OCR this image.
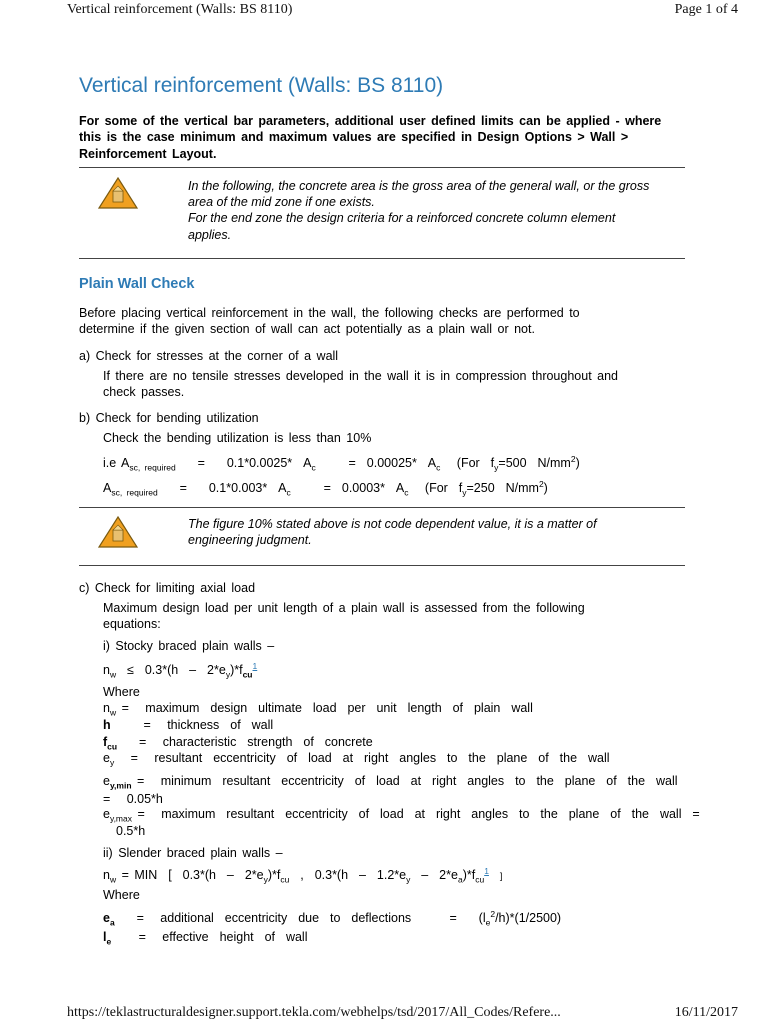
Vertical reinforcement (Walls: BS 8110)	Page 1 of 4
Vertical reinforcement (Walls: BS 8110)
For some of the vertical bar parameters, additional user defined limits can be applied - where
this is the case minimum and maximum values are specified in Design Options > Wall >
Reinforcement Layout.
In the following, the concrete area is the gross area of the general wall, or the gross
area of the mid zone if one exists.
For the end zone the design criteria for a reinforced concrete column element
applies.
Plain Wall Check
Before placing vertical reinforcement in the wall, the following checks are performed to
determine if the given section of wall can act potentially as a plain wall or not.
a) Check for stresses at the corner of a wall
If there are no tensile stresses developed in the wall it is in compression throughout and
check passes.
b) Check for bending utilization
Check the bending utilization is less than 10%
i.e $A_{sc, required}$    =    0.1*0.0025*  $A_c$      =  0.00025*  $A_c$   (For  $f_y=500$  $N/mm^2$)
$A_{sc, required}$    =    0.1*0.003*  $A_c$      =  0.0003*  $A_c$   (For  $f_y=250$  $N/mm^2$)
The figure 10% stated above is not code dependent value, it is a matter of
engineering judgment.
c) Check for limiting axial load
Maximum design load per unit length of a plain wall is assessed from the following
equations:
i) Stocky braced plain walls –
$n_w \le 0.3*(h - 2*e_y)*f_{cu}^1$
Where
$n_w$ =   maximum  design  ultimate  load  per  unit  length  of  plain  wall
h      =   thickness  of  wall
$f_{cu}$    =   characteristic  strength  of  concrete
$e_y$   =   resultant  eccentricity  of  load  at  right  angles  to  the  plane  of  the  wall
$e_{y,min}$ =   minimum  resultant  eccentricity  of  load  at  right  angles  to  the  plane  of  the  wall
=   0.05*h
$e_{y,max}$ =   maximum  resultant  eccentricity  of  load  at  right  angles  to  the  plane  of  the  wall  =
0.5*h
ii) Slender braced plain walls –
$n_w$ = MIN  [  $0.3*(h - 2*e_y)*f_{cu}$  ,  $0.3*(h - 1.2*e_y - 2*e_a)*f_{cu}^1$  ]
Where
$e_a$    =   additional  eccentricity  due  to  deflections       =    $(l_e^2/h)*(1/2500)$
$l_e$     =   effective  height  of  wall
https://teklastructuraldesigner.support.tekla.com/webhelps/tsd/2017/All_Codes/Refere...	16/11/2017
